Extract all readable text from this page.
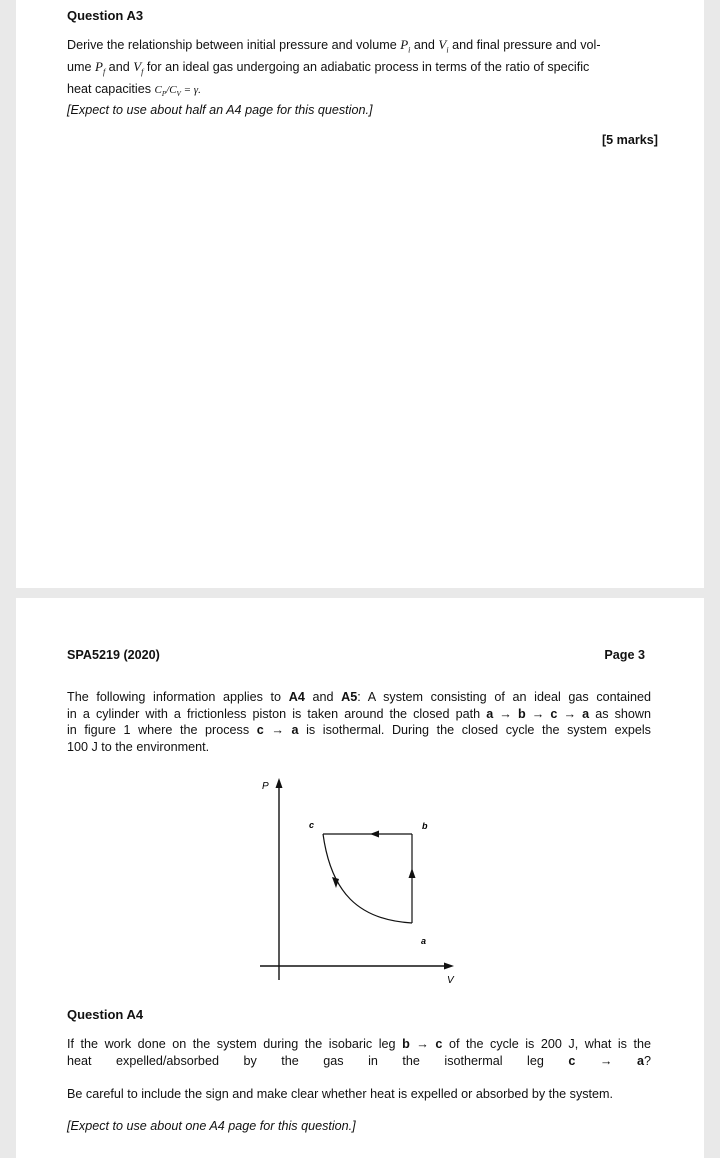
Question A3
Derive the relationship between initial pressure and volume $P_i$ and $V_i$ and final pressure and vol-
ume $P_f$ and $V_f$ for an ideal gas undergoing an adiabatic process in terms of the ratio of specific
heat capacities $C_P/C_V = \gamma$.
[Expect to use about half an A4 page for this question.]
[5 marks]
SPA5219 (2020)	Page 3
The following information applies to A4 and A5: A system consisting of an ideal gas contained
in a cylinder with a frictionless piston is taken around the closed path a → b → c → a as shown
in figure 1 where the process c → a is isothermal. During the closed cycle the system expels
100 J to the environment.
P
V
c	b
a
Question A4
If the work done on the system during the isobaric leg b → c of the cycle is 200 J, what is the
heat expelled/absorbed by the gas in the isothermal leg c → a?
Be careful to include the sign and make clear whether heat is expelled or absorbed by the system.
[Expect to use about one A4 page for this question.]
